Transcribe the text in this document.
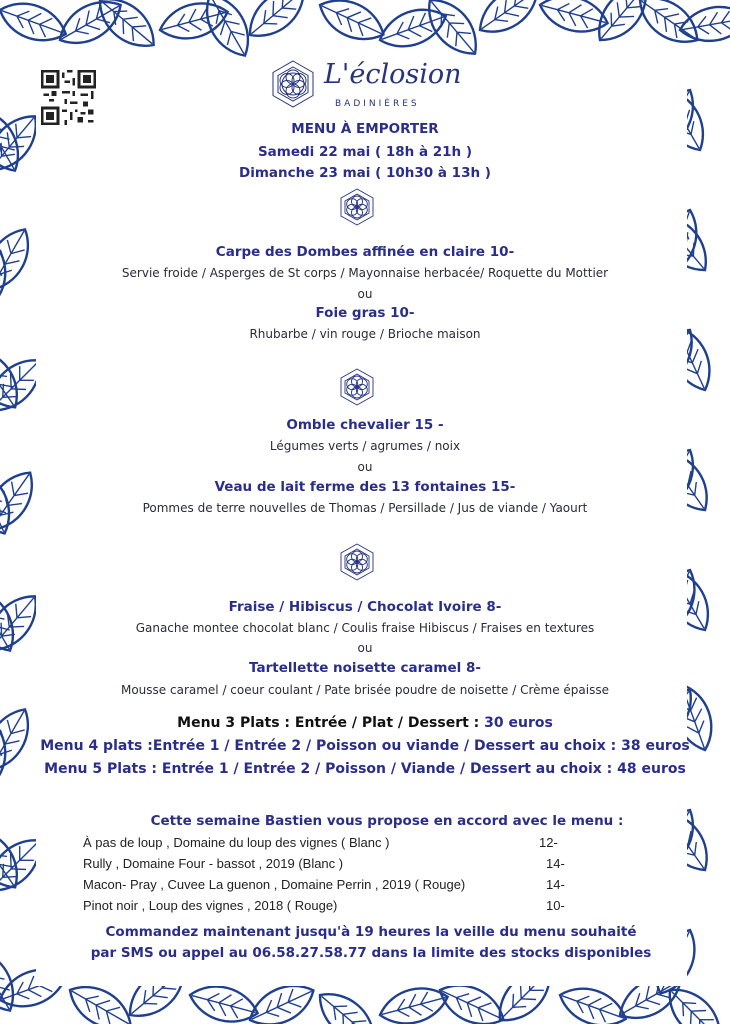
L'éclosion
BADINIÈRES
MENU À EMPORTER
Samedi 22 mai ( 18h à 21h )
Dimanche 23 mai ( 10h30 à 13h )
Carpe des Dombes affinée en claire 10-
Servie froide / Asperges de St corps / Mayonnaise herbacée/ Roquette du Mottier
ou
Foie gras 10-
Rhubarbe / vin rouge / Brioche maison
Omble chevalier 15 -
Légumes verts / agrumes / noix
ou
Veau de lait ferme des 13 fontaines 15-
Pommes de terre nouvelles de Thomas / Persillade / Jus de viande / Yaourt
Fraise / Hibiscus / Chocolat Ivoire 8-
Ganache montee chocolat blanc / Coulis fraise Hibiscus / Fraises en textures
ou
Tartellette noisette caramel 8-
Mousse caramel / coeur coulant / Pate brisée poudre de noisette / Crème épaisse
Menu 3 Plats : Entrée / Plat / Dessert : 30 euros
Menu 4 plats :Entrée 1 / Entrée 2 / Poisson ou viande / Dessert au choix : 38 euros
Menu 5 Plats : Entrée 1 / Entrée 2 / Poisson / Viande / Dessert au choix : 48 euros
Cette semaine Bastien vous propose en accord avec le menu :
À pas de loup , Domaine du loup des vignes ( Blanc )	12-
Rully , Domaine Four - bassot , 2019 (Blanc )	14-
Macon- Pray , Cuvee La guenon , Domaine Perrin , 2019 ( Rouge)	14-
Pinot noir , Loup des vignes , 2018 ( Rouge)	10-
Commandez maintenant jusqu'à 19 heures la veille du menu souhaité
par SMS ou appel au 06.58.27.58.77 dans la limite des stocks disponibles
